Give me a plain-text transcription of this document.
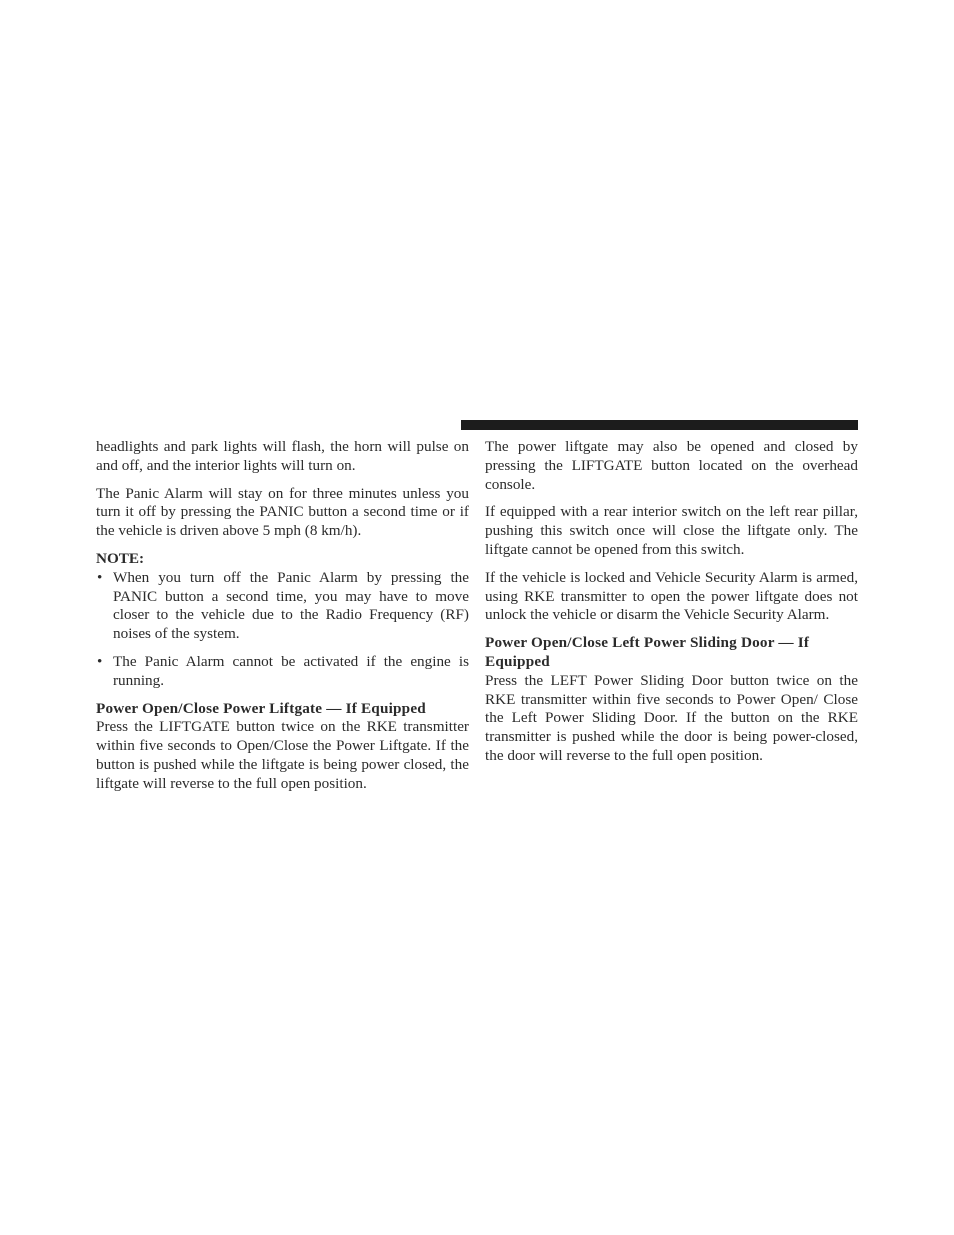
headlights and park lights will flash, the horn will pulse on and off, and the interior lights will turn on.

The Panic Alarm will stay on for three minutes unless you turn it off by pressing the PANIC button a second time or if the vehicle is driven above 5 mph (8 km/h).

NOTE:
• When you turn off the Panic Alarm by pressing the PANIC button a second time, you may have to move closer to the vehicle due to the Radio Frequency (RF) noises of the system.
• The Panic Alarm cannot be activated if the engine is running.
Power Open/Close Power Liftgate — If Equipped

Press the LIFTGATE button twice on the RKE transmitter within five seconds to Open/Close the Power Liftgate. If the button is pushed while the liftgate is being power closed, the liftgate will reverse to the full open position.

The power liftgate may also be opened and closed by pressing the LIFTGATE button located on the overhead console.

If equipped with a rear interior switch on the left rear pillar, pushing this switch once will close the liftgate only. The liftgate cannot be opened from this switch.

If the vehicle is locked and Vehicle Security Alarm is armed, using RKE transmitter to open the power liftgate does not unlock the vehicle or disarm the Vehicle Security Alarm.

Power Open/Close Left Power Sliding Door — If Equipped

Press the LEFT Power Sliding Door button twice on the RKE transmitter within five seconds to Power Open/ Close the Left Power Sliding Door. If the button on the RKE transmitter is pushed while the door is being power-closed, the door will reverse to the full open position.
